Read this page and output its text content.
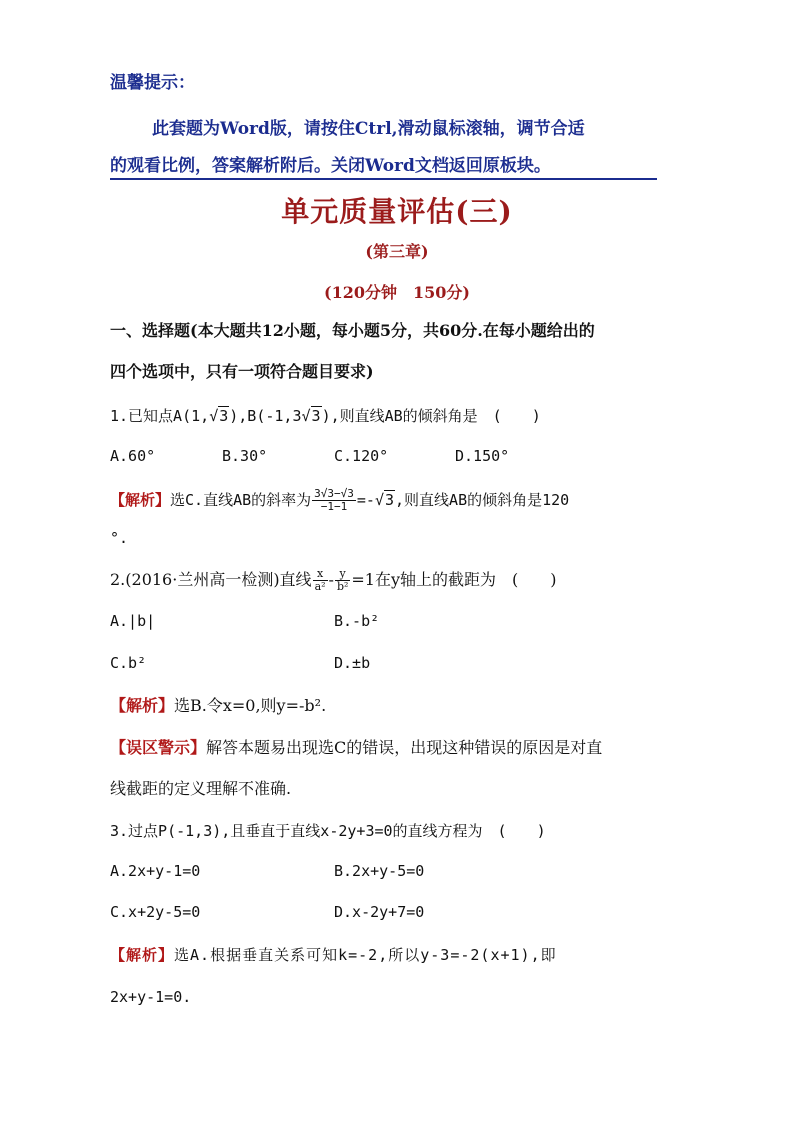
温馨提示：
此套题为Word版，请按住Ctrl,滑动鼠标滚轴，调节合适
的观看比例，答案解析附后。关闭Word文档返回原板块。
单元质量评估(三)
(第三章)
(120分钟　150分)
一、选择题(本大题共12小题，每小题5分，共60分.在每小题给出的
四个选项中，只有一项符合题目要求)
1.已知点A(1,√3),B(-1,3√3),则直线AB的倾斜角是　(　　)
A.60°	B.30°	C.120°	D.150°
【解析】选C.直线AB的斜率为 $\frac{3√3-√3}{-1-1} =-√3$,则直线AB的倾斜角是120
°.
2.(2016·兰州高一检测)直线 $\frac{x}{\text{a²}} - \frac{y}{\text{b²}} =1$在y轴上的截距为　(　　)
A.|b|	B.-b²
C.b²	D.±b
【解析】选B.令x=0,则y=-b².
【误区警示】解答本题易出现选C的错误，出现这种错误的原因是对直
线截距的定义理解不准确.
3.过点P(-1,3),且垂直于直线x-2y+3=0的直线方程为　(　　)
A.2x+y-1=0	B.2x+y-5=0
C.x+2y-5=0	D.x-2y+7=0
【解析】选A.根据垂直关系可知k=-2,所以y-3=-2(x+1),即
2x+y-1=0.
